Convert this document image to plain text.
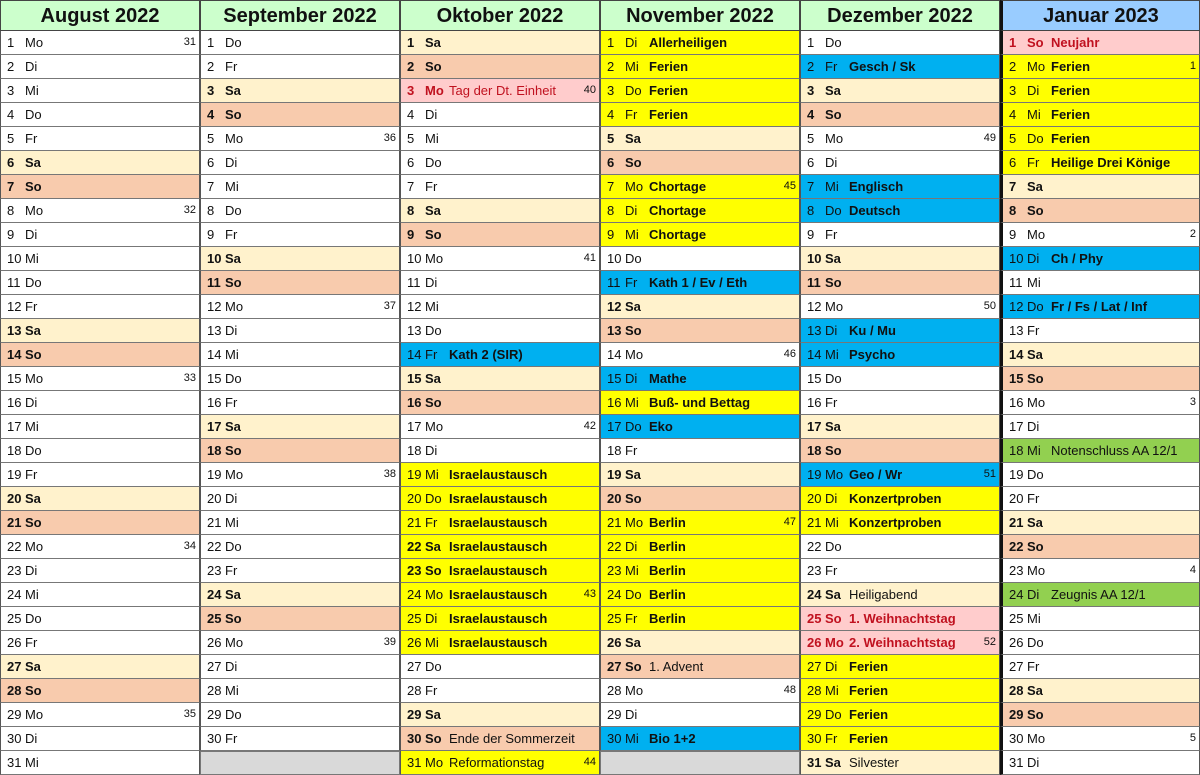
August 2022
1 Mo	31
2 Di
3 Mi
4 Do
5 Fr
6 Sa
7 So
8 Mo	32
9 Di
10 Mi
11 Do
12 Fr
13 Sa
14 So
15 Mo	33
16 Di
17 Mi
18 Do
19 Fr
20 Sa
21 So
22 Mo	34
23 Di
24 Mi
25 Do
26 Fr
27 Sa
28 So
29 Mo	35
30 Di
31 Mi
September 2022
1 Do
2 Fr
3 Sa
4 So
5 Mo	36
6 Di
7 Mi
8 Do
9 Fr
10 Sa
11 So
12 Mo	37
13 Di
14 Mi
15 Do
16 Fr
17 Sa
18 So
19 Mo	38
20 Di
21 Mi
22 Do
23 Fr
24 Sa
25 So
26 Mo	39
27 Di
28 Mi
29 Do
30 Fr
Oktober 2022
1 Sa
2 So
3 Mo Tag der Dt. Einheit	40
4 Di
5 Mi
6 Do
7 Fr
8 Sa
9 So
10 Mo	41
11 Di
12 Mi
13 Do
14 Fr Kath 2 (SIR)
15 Sa
16 So
17 Mo	42
18 Di
19 Mi Israelaustausch
20 Do Israelaustausch
21 Fr Israelaustausch
22 Sa Israelaustausch
23 So Israelaustausch
24 Mo Israelaustausch	43
25 Di Israelaustausch
26 Mi Israelaustausch
27 Do
28 Fr
29 Sa
30 So Ende der Sommerzeit
31 Mo Reformationstag	44
November 2022
1 Di Allerheiligen
2 Mi Ferien
3 Do Ferien
4 Fr Ferien
5 Sa
6 So
7 Mo Chortage	45
8 Di Chortage
9 Mi Chortage
10 Do
11 Fr Kath 1 / Ev / Eth
12 Sa
13 So
14 Mo	46
15 Di Mathe
16 Mi Buß- und Bettag
17 Do Eko
18 Fr
19 Sa
20 So
21 Mo Berlin	47
22 Di Berlin
23 Mi Berlin
24 Do Berlin
25 Fr Berlin
26 Sa
27 So 1. Advent
28 Mo	48
29 Di
30 Mi Bio 1+2
Dezember 2022
1 Do
2 Fr Gesch / Sk
3 Sa
4 So
5 Mo	49
6 Di
7 Mi Englisch
8 Do Deutsch
9 Fr
10 Sa
11 So
12 Mo	50
13 Di Ku / Mu
14 Mi Psycho
15 Do
16 Fr
17 Sa
18 So
19 Mo Geo / Wr	51
20 Di Konzertproben
21 Mi Konzertproben
22 Do
23 Fr
24 Sa Heiligabend
25 So 1. Weihnachtstag
26 Mo 2. Weihnachtstag	52
27 Di Ferien
28 Mi Ferien
29 Do Ferien
30 Fr Ferien
31 Sa Silvester
Januar 2023
1 So Neujahr
2 Mo Ferien	1
3 Di Ferien
4 Mi Ferien
5 Do Ferien
6 Fr Heilige Drei Könige
7 Sa
8 So
9 Mo	2
10 Di Ch / Phy
11 Mi
12 Do Fr / Fs / Lat / Inf
13 Fr
14 Sa
15 So
16 Mo	3
17 Di
18 Mi Notenschluss AA 12/1
19 Do
20 Fr
21 Sa
22 So
23 Mo	4
24 Di Zeugnis AA 12/1
25 Mi
26 Do
27 Fr
28 Sa
29 So
30 Mo	5
31 Di
